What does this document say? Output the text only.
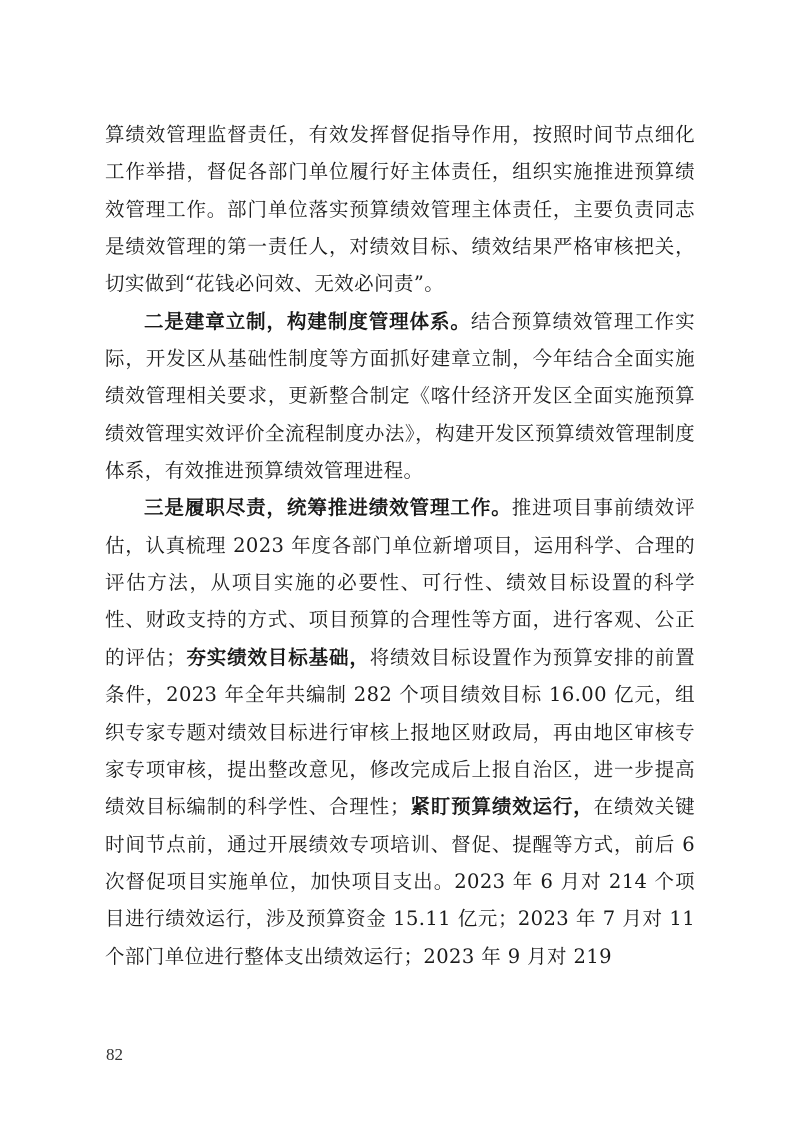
算绩效管理监督责任，有效发挥督促指导作用，按照时间节点细化工作举措，督促各部门单位履行好主体责任，组织实施推进预算绩效管理工作。部门单位落实预算绩效管理主体责任，主要负责同志是绩效管理的第一责任人，对绩效目标、绩效结果严格审核把关，切实做到“花钱必问效、无效必问责”。

二是建章立制，构建制度管理体系。结合预算绩效管理工作实际，开发区从基础性制度等方面抓好建章立制，今年结合全面实施绩效管理相关要求，更新整合制定《喀什经济开发区全面实施预算绩效管理实效评价全流程制度办法》，构建开发区预算绩效管理制度体系，有效推进预算绩效管理进程。

三是履职尽责，统筹推进绩效管理工作。推进项目事前绩效评估，认真梳理 2023 年度各部门单位新增项目，运用科学、合理的评估方法，从项目实施的必要性、可行性、绩效目标设置的科学性、财政支持的方式、项目预算的合理性等方面，进行客观、公正的评估；夯实绩效目标基础，将绩效目标设置作为预算安排的前置条件，2023 年全年共编制 282 个项目绩效目标 16.00 亿元，组织专家专题对绩效目标进行审核上报地区财政局，再由地区审核专家专项审核，提出整改意见，修改完成后上报自治区，进一步提高绩效目标编制的科学性、合理性；紧盯预算绩效运行，在绩效关键时间节点前，通过开展绩效专项培训、督促、提醒等方式，前后 6 次督促项目实施单位，加快项目支出。2023 年 6 月对 214 个项目进行绩效运行，涉及预算资金 15.11 亿元；2023 年 7 月对 11 个部门单位进行整体支出绩效运行；2023 年 9 月对 219

82
